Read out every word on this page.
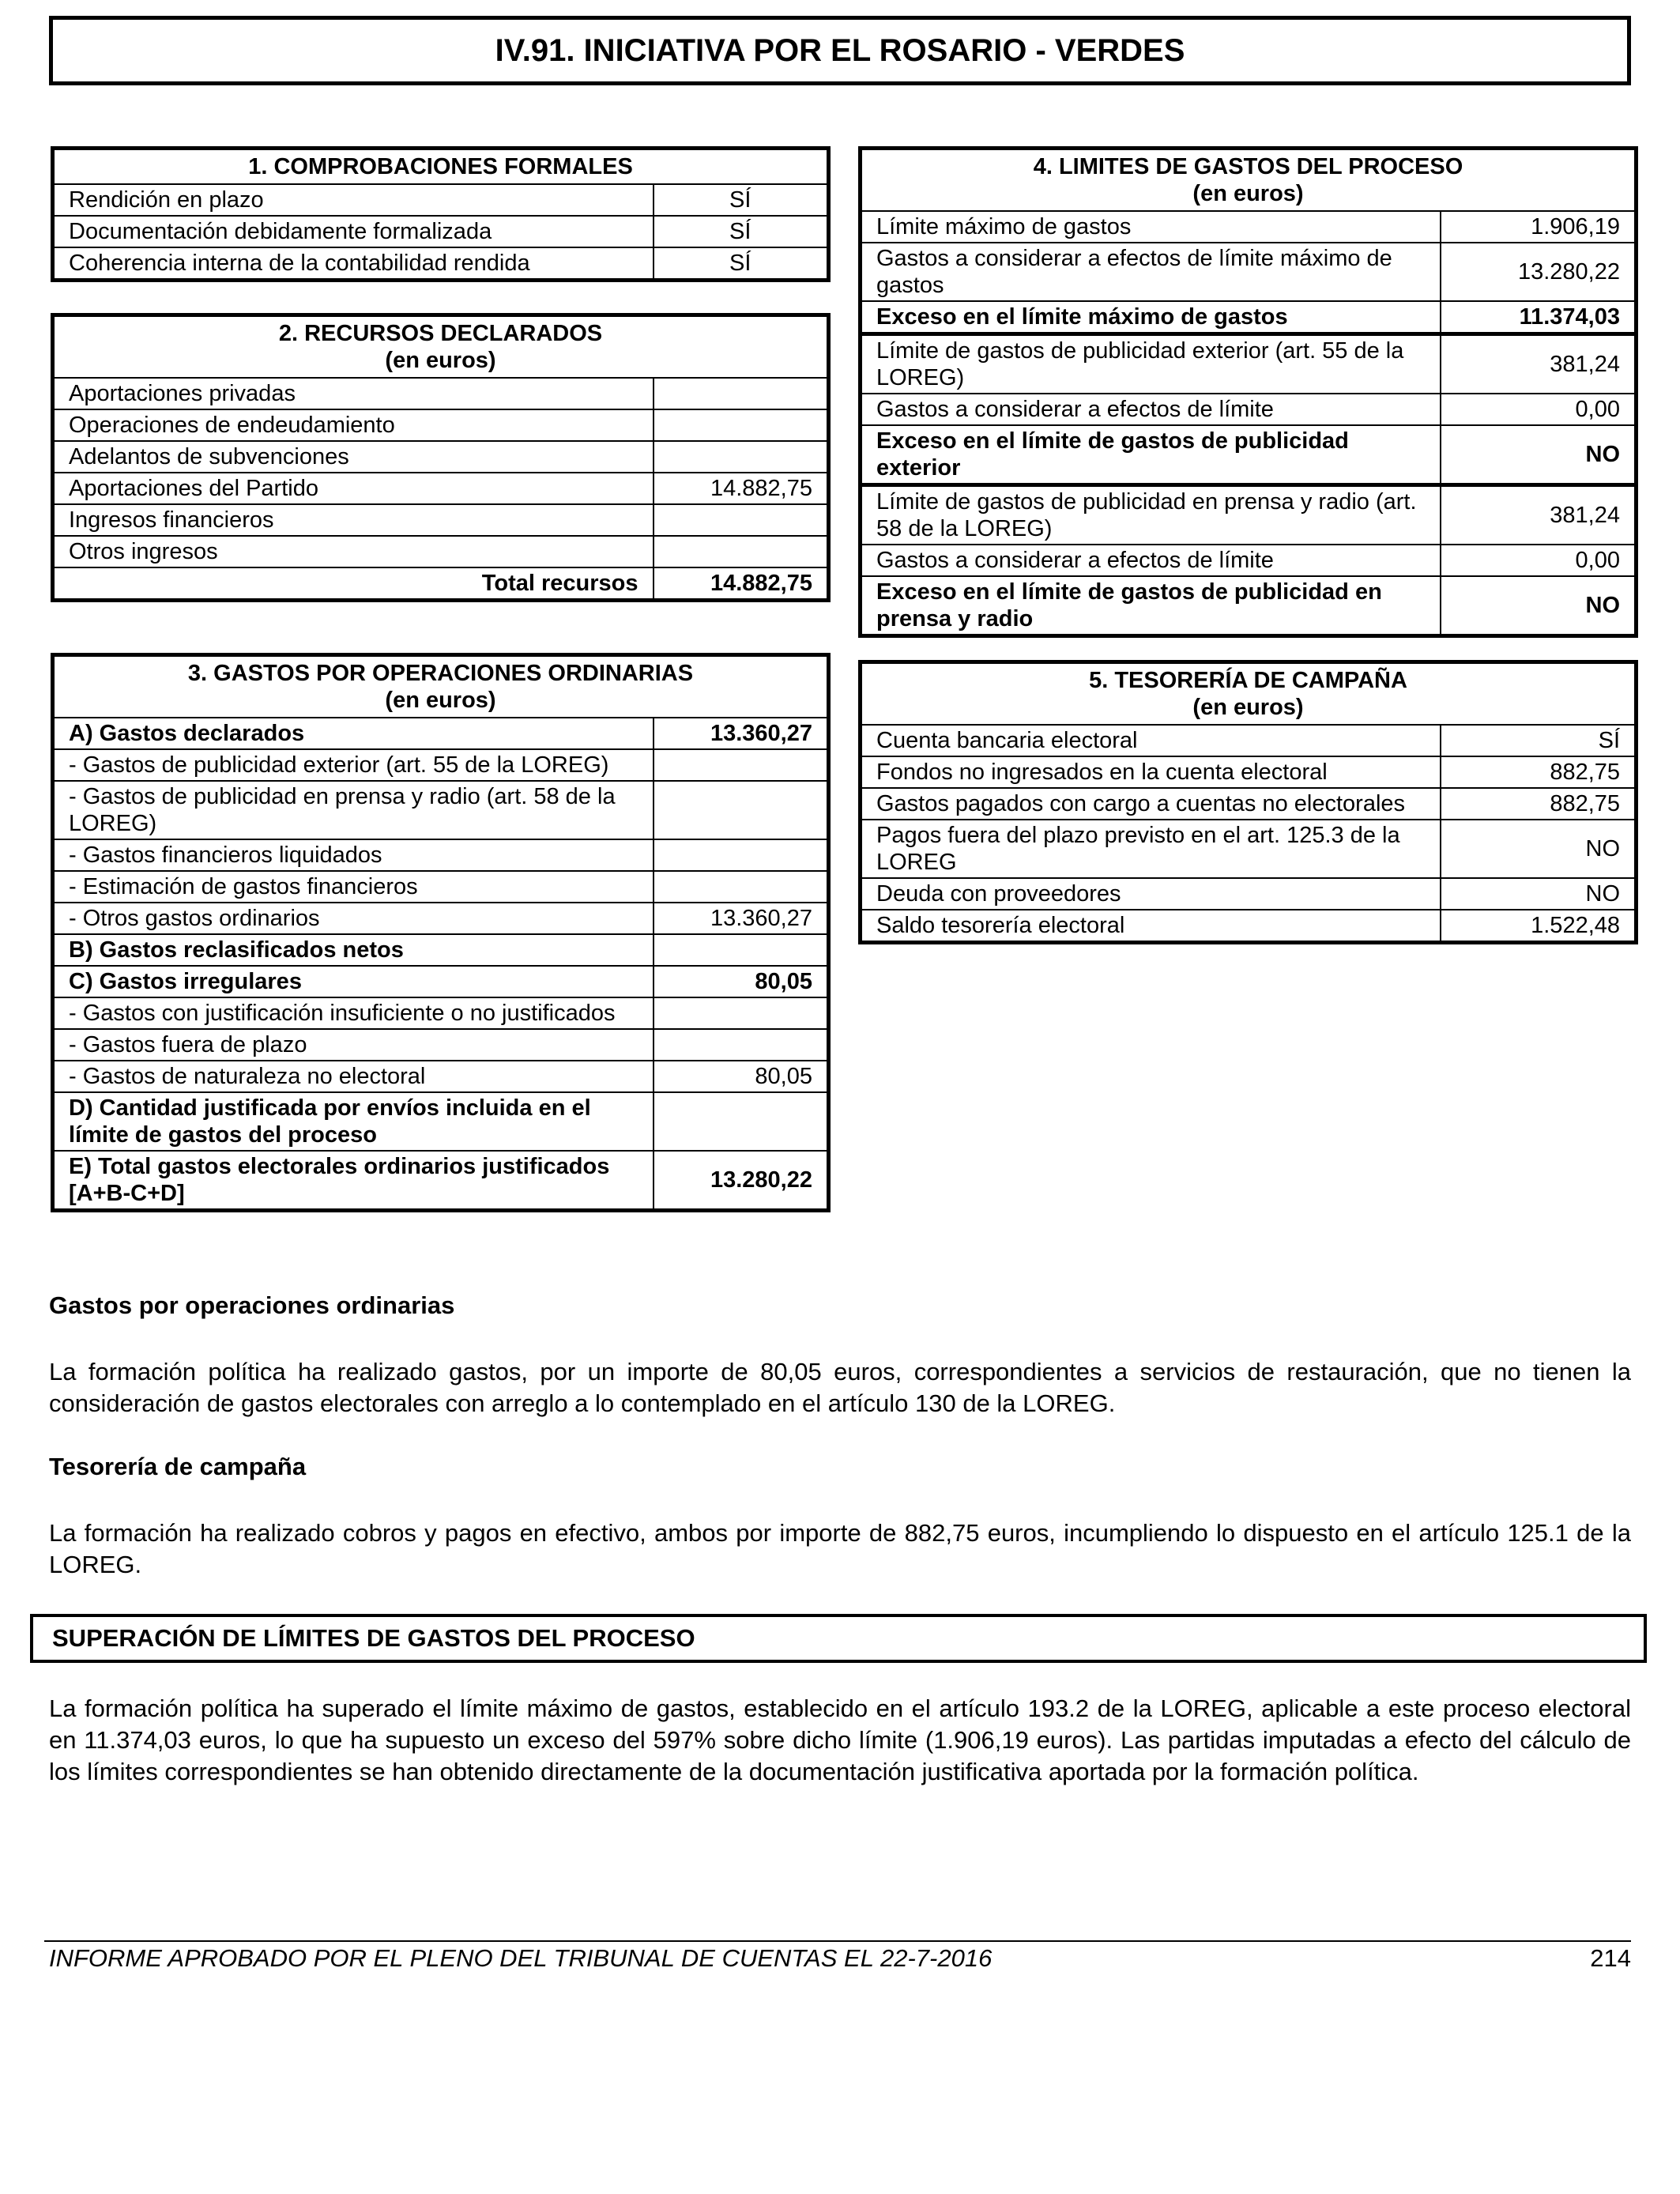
IV.91. INICIATIVA POR EL ROSARIO - VERDES
1. COMPROBACIONES FORMALES	

Rendición en plazo	SÍ
Documentación debidamente formalizada	SÍ
Coherencia interna de la contabilidad rendida	SÍ
2. RECURSOS DECLARADOS
(en euros)	

Aportaciones privadas	
Operaciones de endeudamiento	
Adelantos de subvenciones	
Aportaciones del Partido	14.882,75
Ingresos financieros	
Otros ingresos	
Total recursos	14.882,75
3. GASTOS POR OPERACIONES ORDINARIAS
(en euros)	

A) Gastos declarados	13.360,27
- Gastos de publicidad exterior (art. 55 de la LOREG)	
- Gastos de publicidad en prensa y radio (art. 58 de la LOREG)	
- Gastos financieros liquidados	
- Estimación de gastos financieros	
- Otros gastos ordinarios	13.360,27
B) Gastos reclasificados netos	
C) Gastos irregulares	80,05
- Gastos con justificación insuficiente o no justificados	
- Gastos fuera de plazo	
- Gastos de naturaleza no electoral	80,05
D) Cantidad justificada por envíos incluida en el límite de gastos del proceso	
E) Total gastos electorales ordinarios justificados [A+B-C+D]	13.280,22
4. LIMITES DE GASTOS DEL PROCESO
(en euros)	

Límite máximo de gastos	1.906,19
Gastos a considerar a efectos de límite máximo de gastos	13.280,22
Exceso en el límite máximo de gastos	11.374,03
Límite de gastos de publicidad exterior (art. 55 de la LOREG)	381,24
Gastos a considerar a efectos de límite	0,00
Exceso en el límite de gastos de publicidad exterior	NO
Límite de gastos de publicidad en prensa y radio (art. 58 de la LOREG)	381,24
Gastos a considerar a efectos de límite	0,00
Exceso en el límite de gastos de publicidad en prensa y radio	NO
5. TESORERÍA DE CAMPAÑA
(en euros)	

Cuenta bancaria electoral	SÍ
Fondos no ingresados en la cuenta electoral	882,75
Gastos pagados con cargo a cuentas no electorales	882,75
Pagos fuera del plazo previsto en el art. 125.3 de la LOREG	NO
Deuda con proveedores	NO
Saldo tesorería electoral	1.522,48
Gastos por operaciones ordinarias
La formación política ha realizado gastos, por un importe de 80,05 euros, correspondientes a servicios de restauración, que no tienen la consideración de gastos electorales con arreglo a lo contemplado en el artículo 130 de la LOREG.
Tesorería de campaña
La formación ha realizado cobros y pagos en efectivo, ambos por importe de 882,75 euros, incumpliendo lo dispuesto en el artículo 125.1 de la LOREG.
SUPERACIÓN DE LÍMITES DE GASTOS DEL PROCESO
La formación política ha superado el límite máximo de gastos, establecido en el artículo 193.2 de la LOREG, aplicable a este proceso electoral en 11.374,03 euros, lo que ha supuesto un exceso del 597% sobre dicho límite (1.906,19 euros). Las partidas imputadas a efecto del cálculo de los límites correspondientes se han obtenido directamente de la documentación justificativa aportada por la formación política.
INFORME APROBADO POR EL PLENO DEL TRIBUNAL DE CUENTAS EL 22-7-2016	214
